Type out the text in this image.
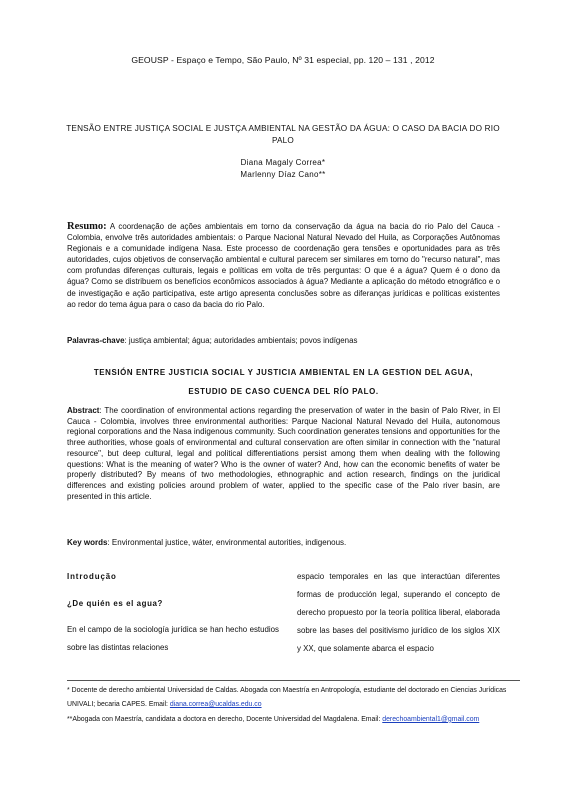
GEOUSP - Espaço e Tempo, São Paulo, Nº 31 especial, pp. 120 – 131 , 2012
TENSÃO ENTRE JUSTIÇA SOCIAL E JUSTÇA AMBIENTAL NA GESTÃO DA ÁGUA: O CASO DA BACIA DO RIO PALO
Diana Magaly Correa*
Marlenny Díaz Cano**
Resumo: A coordenação de ações ambientais em torno da conservação da água na bacia do rio Palo del Cauca - Colombia, envolve três autoridades ambientais: o Parque Nacional Natural Nevado del Huila, as Corporações Autônomas Regionais e a comunidade indígena Nasa. Este processo de coordenação gera tensões e oportunidades para as três autoridades, cujos objetivos de conservação ambiental e cultural parecem ser similares em torno do "recurso natural", mas com profundas diferenças culturais, legais e políticas em volta de três perguntas: O que é a água? Quem é o dono da água? Como se distribuem os benefícios econômicos associados à água? Mediante a aplicação do método etnográfico e o de investigação e ação participativa, este artigo apresenta conclusões sobre as diferanças jurídicas e políticas existentes ao redor do tema água para o caso da bacia do rio Palo.
Palavras-chave: justiça ambiental; água; autoridades ambientais; povos indígenas
TENSIÓN ENTRE JUSTICIA SOCIAL Y JUSTICIA AMBIENTAL EN LA GESTION DEL AGUA,
ESTUDIO DE CASO CUENCA DEL RÍO PALO.
Abstract: The coordination of environmental actions regarding the preservation of water in the basin of Palo River, in El Cauca - Colombia, involves three environmental authorities: Parque Nacional Natural Nevado del Huila, autonomous regional corporations and the Nasa indigenous community. Such coordination generates tensions and opportunities for the three authorities, whose goals of environmental and cultural conservation are often similar in connection with the "natural resource", but deep cultural, legal and political differentiations persist among them when dealing with the following questions: What is the meaning of water? Who is the owner of water? And, how can the economic benefits of water be properly distributed? By means of two methodologies, ethnographic and action research, findings on the juridical differences and existing policies around problem of water, applied to the specific case of the Palo river basin, are presented in this article.
Key words: Environmental justice, wáter, environmental autorities, indigenous.
Introdução
¿De quién es el agua?
En el campo de la sociología jurídica se han hecho estudios sobre las distintas relaciones
espacio temporales en las que interactúan diferentes formas de producción legal, superando el concepto de derecho propuesto por la teoría política liberal, elaborada sobre las bases del positivismo jurídico de los siglos XIX y XX, que solamente abarca el espacio
* Docente de derecho ambiental Universidad de Caldas. Abogada con Maestría en Antropología, estudiante del doctorado en Ciencias Jurídicas UNIVALI; becaria CAPES. Email: diana.correa@ucaldas.edu.co
**Abogada con Maestría, candidata a doctora en derecho, Docente Universidad del Magdalena. Email: derechoambiental1@gmail.com
